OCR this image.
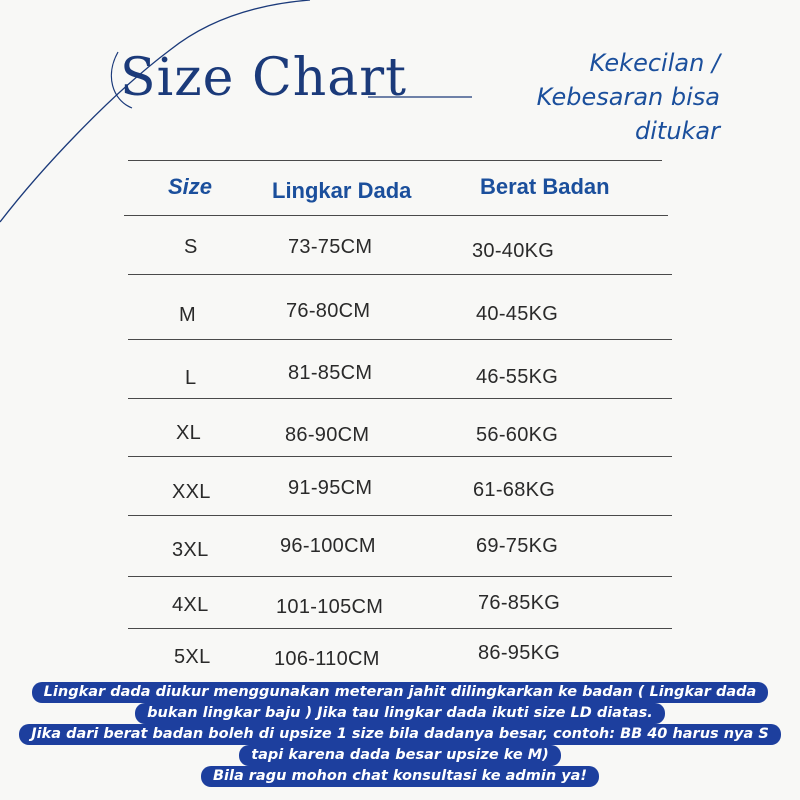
Size Chart	Kekecilan /
Kebesaran bisa
ditukar
Size	Lingkar Dada	Berat Badan
S	73-75CM	30-40KG
M	76-80CM	40-45KG
L	81-85CM	46-55KG
XL	86-90CM	56-60KG
XXL	91-95CM	61-68KG
3XL	96-100CM	69-75KG
4XL	101-105CM	76-85KG
5XL	106-110CM	86-95KG
Lingkar dada diukur menggunakan meteran jahit dilingkarkan ke badan ( Lingkar dada
bukan lingkar baju ) Jika tau lingkar dada ikuti size LD diatas.
Jika dari berat badan boleh di upsize 1 size bila dadanya besar, contoh: BB 40 harus nya S
tapi karena dada besar upsize ke M)
Bila ragu mohon chat konsultasi ke admin ya!
